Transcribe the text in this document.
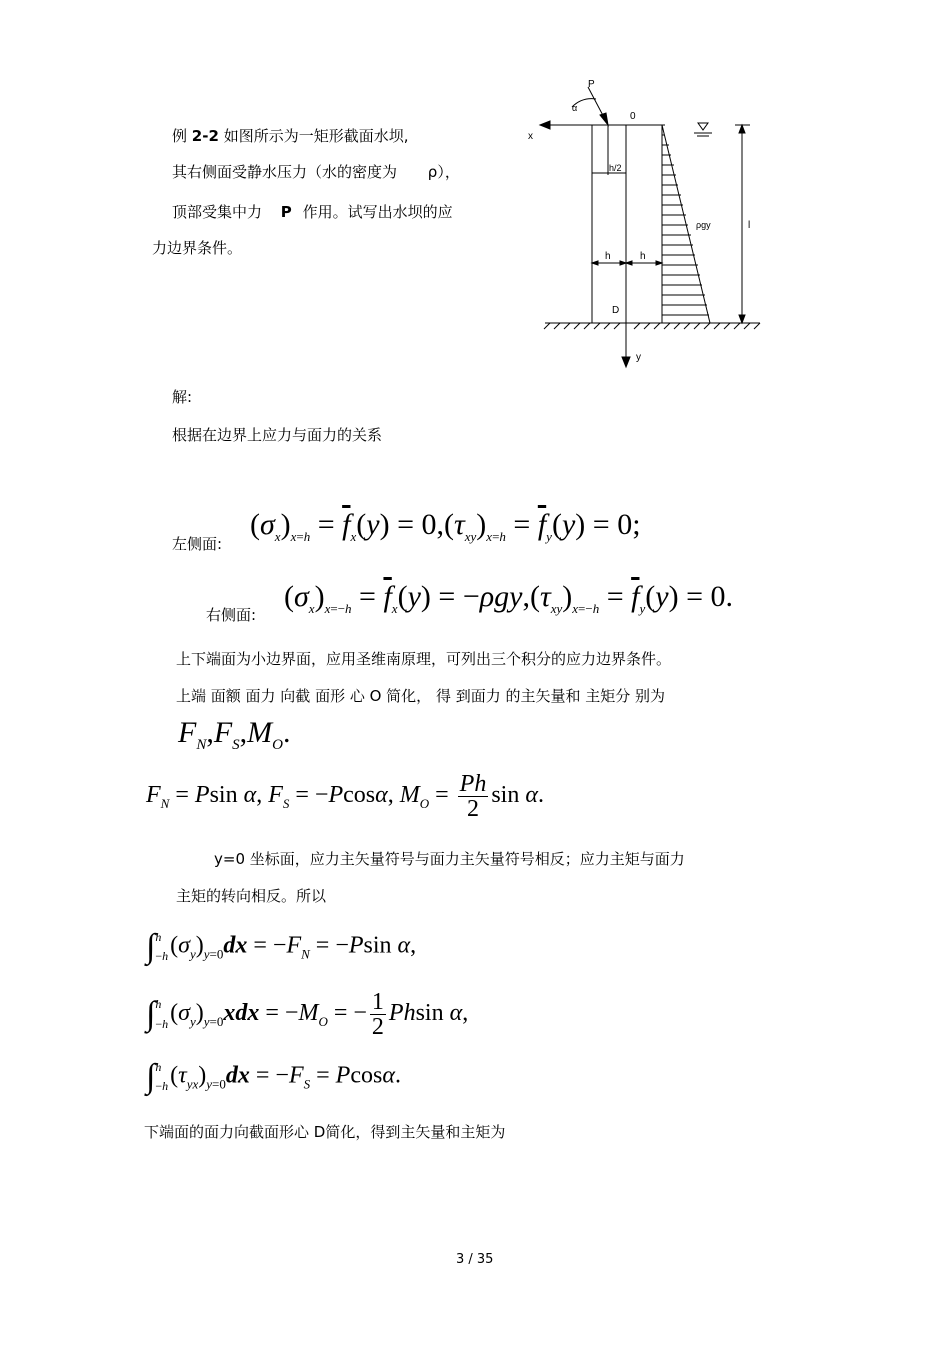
例 2-2 如图所示为一矩形截面水坝,
其右侧面受静水压力（水的密度为 ρ），
顶部受集中力 P 作用。试写出水坝的应
力边界条件。
P
0
x
y
h/2
h	h
D
ρgy	l
α
解:
根据在边界上应力与面力的关系
左侧面:
$(\sigma_x)_{x=h} = \overline{f}_x(y) = 0,(\tau_{xy})_{x=h} = \overline{f}_y(y) = 0$;
右侧面:
$(\sigma_x)_{x=-h} = \overline{f}_x(y) = -\rho gy,(\tau_{xy})_{x=-h} = \overline{f}_y(y) = 0$.
上下端面为小边界面，应用圣维南原理，可列出三个积分的应力边界条件。
上端 面额 面力 向截 面形 心 O 简化， 得 到面力 的主矢量和 主矩分 别为
$F_N,F_S,M_O$.
$F_N = Psin$ α, $F_S = -Pcos\alpha$, $M_O = \frac{Ph}{2}$ sin α.
y=0 坐标面，应力主矢量符号与面力主矢量符号相反；应力主矩与面力
主矩的转向相反。所以
∫h
$-h(\sigma_y)_{y=0}dx = -F_N = -Psin$ α,
∫h
$-h(\sigma_y)_{y=0}xdx = -M_O$ = − $\frac{1}{2}$ Phsin α,
∫h
$-h(\tau_{yx})_{y=0}dx = -F_S = Pcos\alpha$.
下端面的面力向截面形心 D简化，得到主矢量和主矩为
3 / 35
